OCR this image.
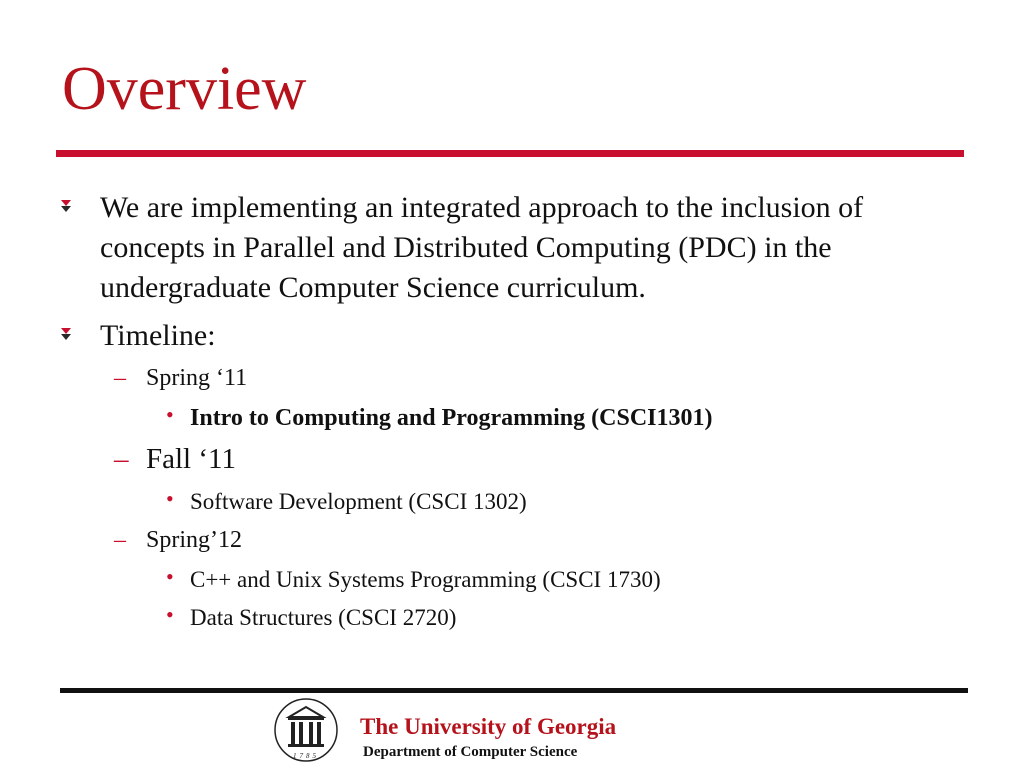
Overview
We are implementing an integrated approach to the inclusion of concepts in Parallel and Distributed Computing (PDC) in the undergraduate Computer Science curriculum.
Timeline:
– Spring ‘11
• Intro to Computing and Programming (CSCI1301)
– Fall ‘11
• Software Development (CSCI 1302)
– Spring’12
• C++ and Unix Systems Programming (CSCI 1730)
• Data Structures (CSCI 2720)
1785
The University of Georgia
Department of Computer Science
